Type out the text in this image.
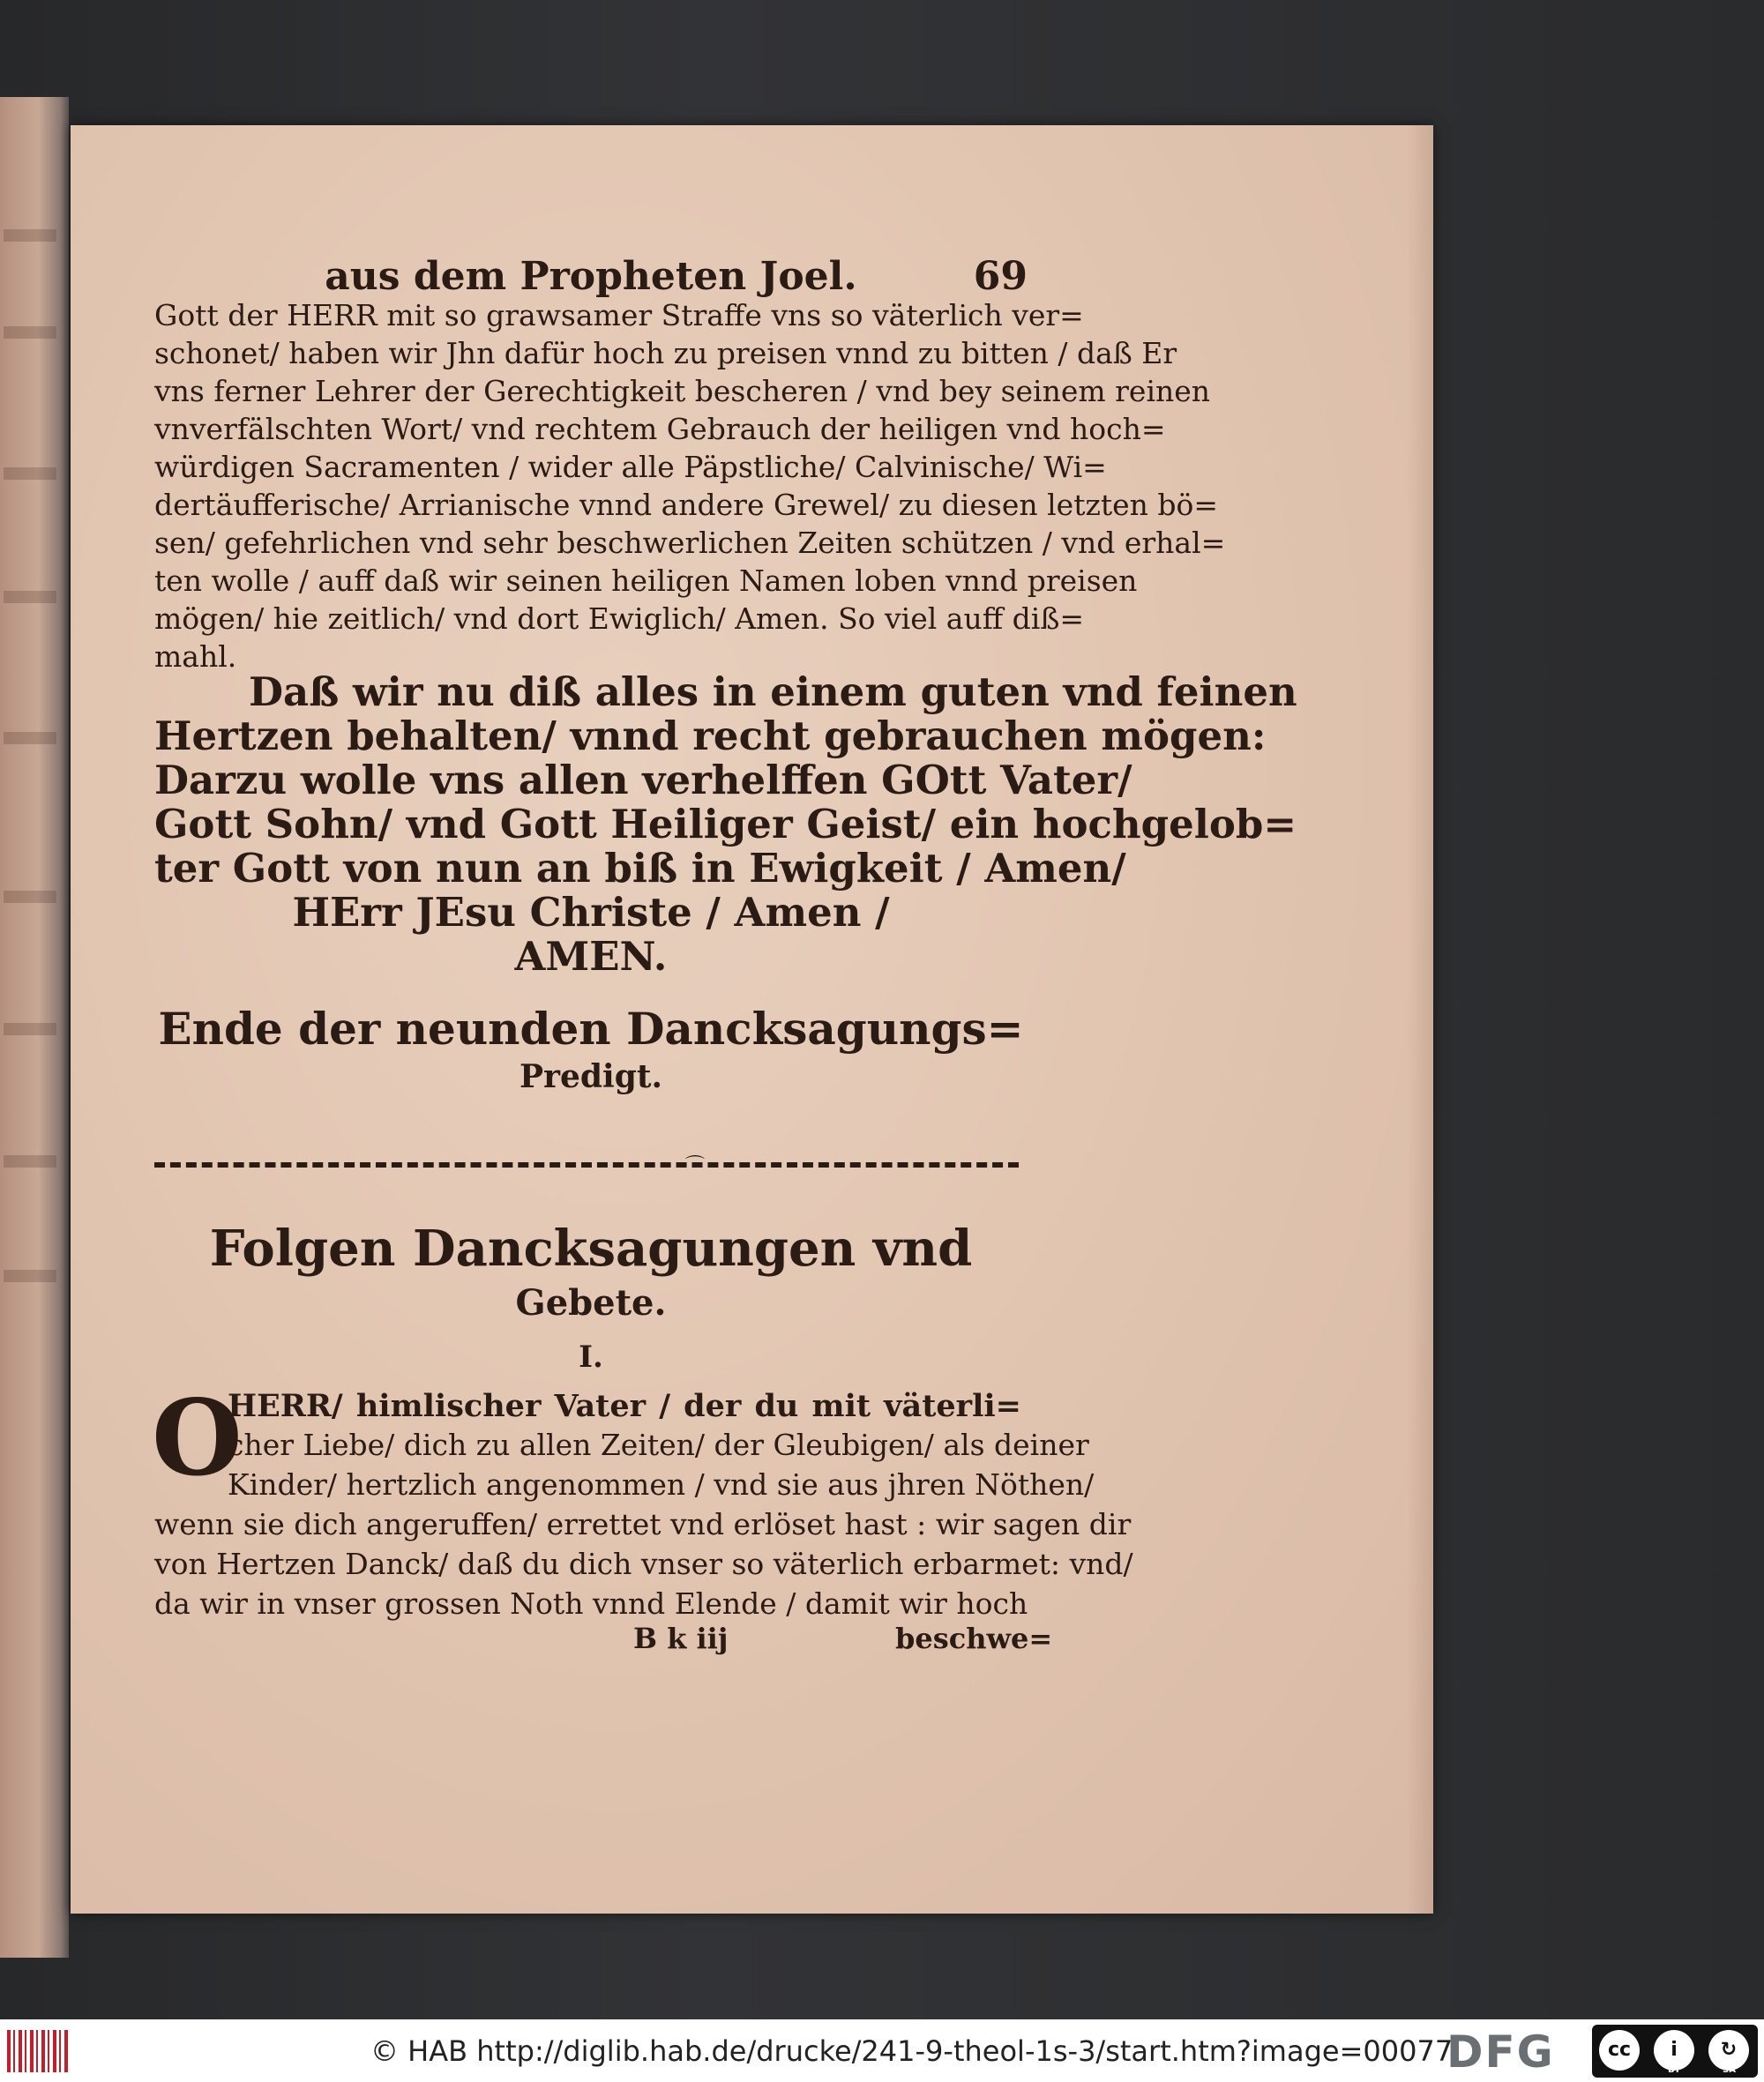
aus dem Propheten Joel.	69
Gott der HERR mit so grawsamer Straffe vns so väterlich ver=
schonet/ haben wir Jhn dafür hoch zu preisen vnnd zu bitten / daß Er
vns ferner Lehrer der Gerechtigkeit bescheren / vnd bey seinem reinen
vnverfälschten Wort/ vnd rechtem Gebrauch der heiligen vnd hoch=
würdigen Sacramenten / wider alle Päpstliche/ Calvinische/ Wi=
dertäufferische/ Arrianische vnnd andere Grewel/ zu diesen letzten bö=
sen/ gefehrlichen vnd sehr beschwerlichen Zeiten schützen / vnd erhal=
ten wolle / auff daß wir seinen heiligen Namen loben vnnd preisen
mögen/ hie zeitlich/ vnd dort Ewiglich/ Amen. So viel auff diß=
mahl.
Daß wir nu diß alles in einem guten vnd feinen
Hertzen behalten/ vnnd recht gebrauchen mögen:
Darzu wolle vns allen verhelffen GOtt Vater/
Gott Sohn/ vnd Gott Heiliger Geist/ ein hochgelob=
ter Gott von nun an biß in Ewigkeit / Amen/
HErr JEsu Christe / Amen /
AMEN.
Ende der neunden Dancksagungs=
Predigt.
⌒
Folgen Dancksagungen vnd
Gebete.
I.
O
HERR/ himlischer Vater / der du mit väterli=
cher Liebe/ dich zu allen Zeiten/ der Gleubigen/ als deiner
Kinder/ hertzlich angenommen / vnd sie aus jhren Nöthen/
wenn sie dich angeruffen/ errettet vnd erlöset hast : wir sagen dir
von Hertzen Danck/ daß du dich vnser so väterlich erbarmet: vnd/
da wir in vnser grossen Noth vnnd Elende / damit wir hoch
B k iij	beschwe=
© HAB http://diglib.hab.de/drucke/241-9-theol-1s-3/start.htm?image=00077
DFG	cc	i	↻
BY	SA
